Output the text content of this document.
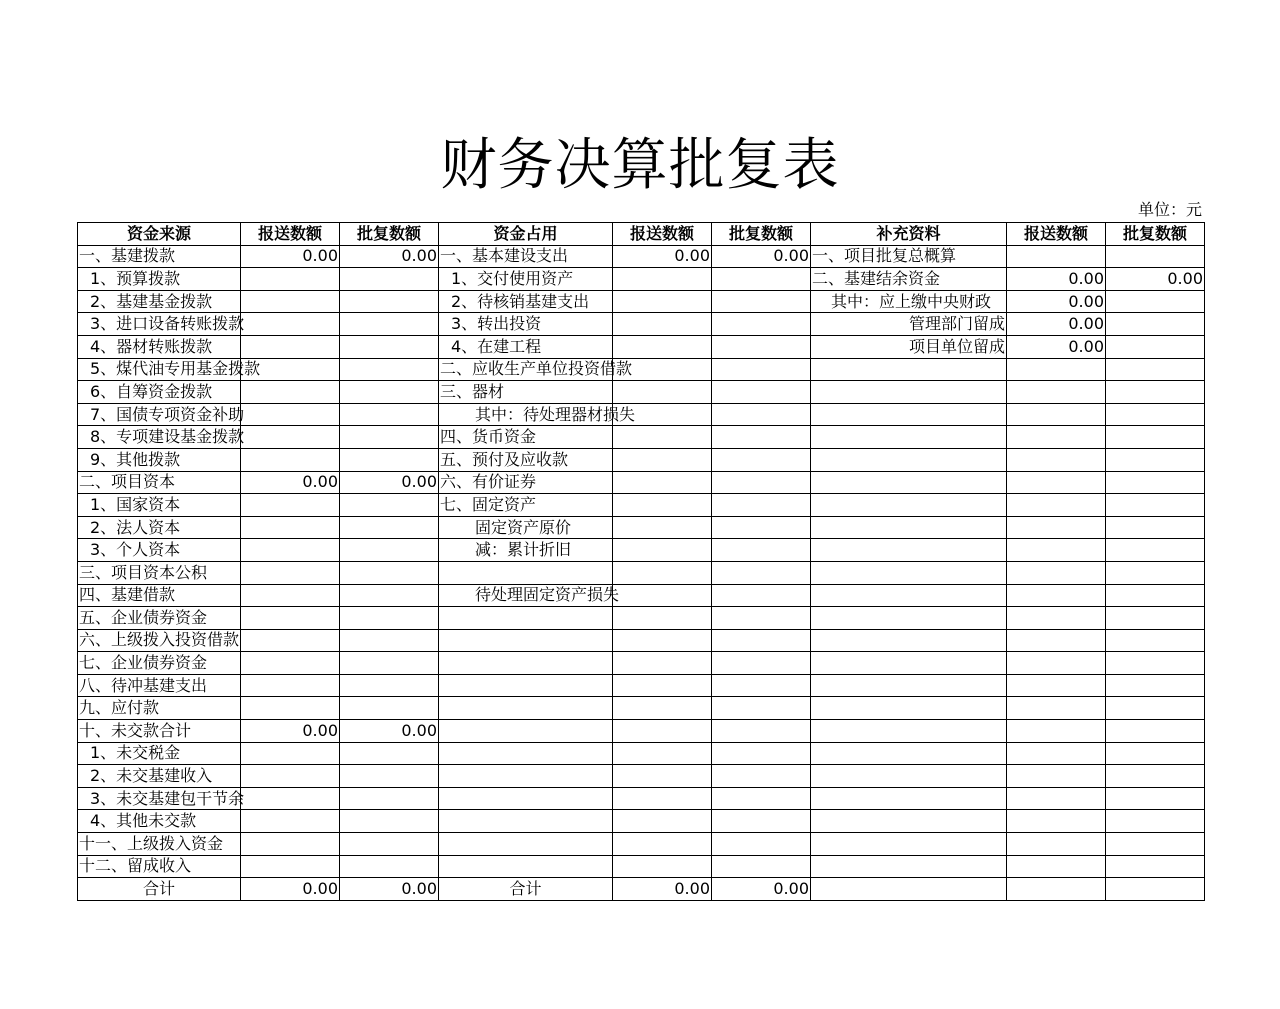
财务决算批复表
单位：元
资金来源	报送数额	批复数额	资金占用	报送数额	批复数额	补充资料	报送数额	批复数额
一、基建拨款	0.00	0.00	一、基本建设支出	0.00	0.00	一、项目批复总概算		
1、预算拨款			1、交付使用资产			二、基建结余资金	0.00	0.00
2、基建基金拨款			2、待核销基建支出			其中：应上缴中央财政	0.00	
3、进口设备转账拨款			3、转出投资			管理部门留成	0.00	
4、器材转账拨款			4、在建工程			项目单位留成	0.00	
5、煤代油专用基金拨款			二、应收生产单位投资借款					
6、自筹资金拨款			三、器材					
7、国债专项资金补助			其中：待处理器材损失					
8、专项建设基金拨款			四、货币资金					
9、其他拨款			五、预付及应收款					
二、项目资本	0.00	0.00	六、有价证券					
1、国家资本			七、固定资产					
2、法人资本			固定资产原价					
3、个人资本			减：累计折旧					
三、项目资本公积								
四、基建借款			待处理固定资产损失					
五、企业债券资金								
六、上级拨入投资借款								
七、企业债券资金								
八、待冲基建支出								
九、应付款								
十、未交款合计	0.00	0.00						
1、未交税金								
2、未交基建收入								
3、未交基建包干节余								
4、其他未交款								
十一、上级拨入资金								
十二、留成收入								
合计	0.00	0.00	合计	0.00	0.00			
